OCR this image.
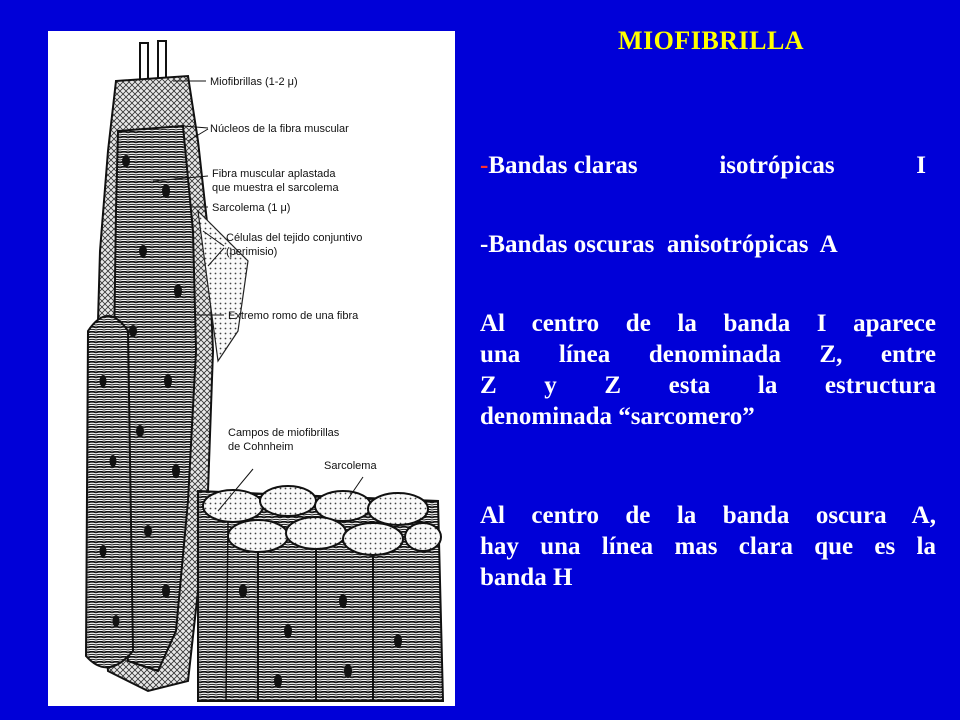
MIOFIBRILLA
Miofibrillas (1-2 μ)
Núcleos de la fibra muscular
Fibra muscular aplastada
que muestra el sarcolema
Sarcolema (1 μ)
Células del tejido conjuntivo
(perimisio)
Extremo romo de una fibra
Campos de miofibrillas
de Cohnheim
Sarcolema
-Bandas claras	isotrópicas	I
-Bandas oscuras  anisotrópicas  A
Al centro de la banda I aparece
una línea denominada Z, entre
Z y Z esta la estructura
denominada “sarcomero”
Al centro de la banda oscura A,
hay una línea mas clara que es la
banda H
